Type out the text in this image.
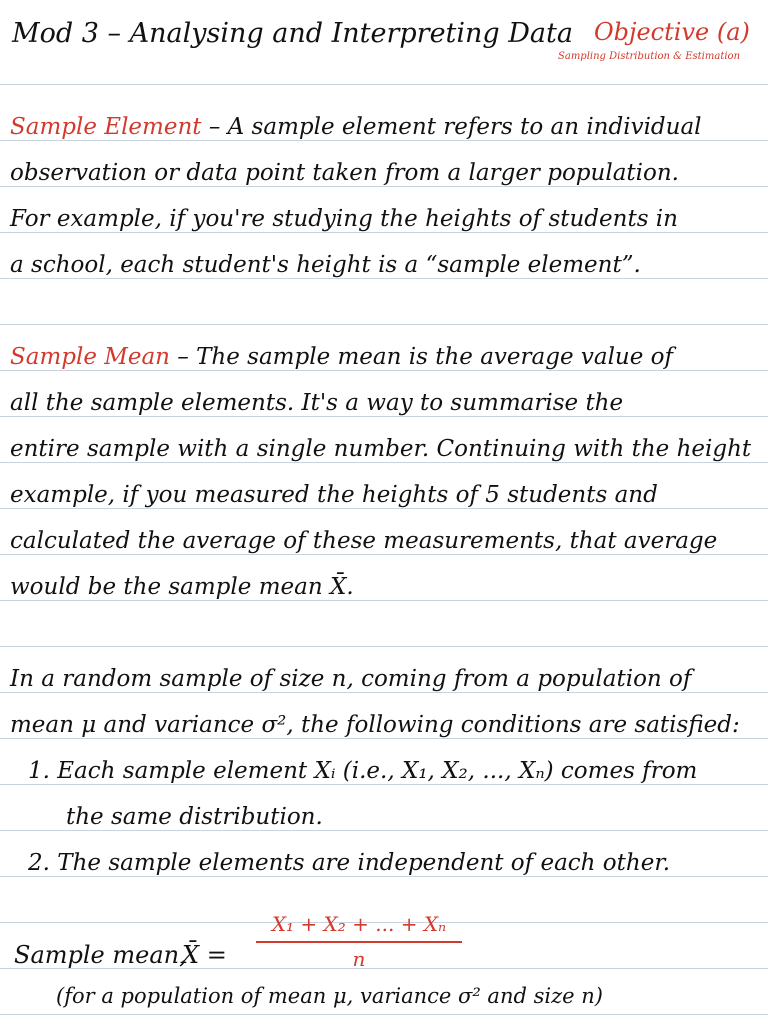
Mod 3 – Analysing and Interpreting Data Objective (a)
Sampling Distribution & Estimation
Sample Element – A sample element refers to an individual
observation or data point taken from a larger population.
For example, if you're studying the heights of students in
a school, each student's height is a “sample element”.
Sample Mean – The sample mean is the average value of
all the sample elements. It's a way to summarise the
entire sample with a single number. Continuing with the height
example, if you measured the heights of 5 students and
calculated the average of these measurements, that average
would be the sample mean X̄.
In a random sample of size n, coming from a population of
mean μ and variance σ², the following conditions are satisfied:
1. Each sample element Xᵢ (i.e., X₁, X₂, ..., Xₙ) comes from
the same distribution.
2. The sample elements are independent of each other.
Sample mean,
X̄ =
X₁ + X₂ + ... + Xₙ
n
(for a population of mean μ, variance σ² and size n)
